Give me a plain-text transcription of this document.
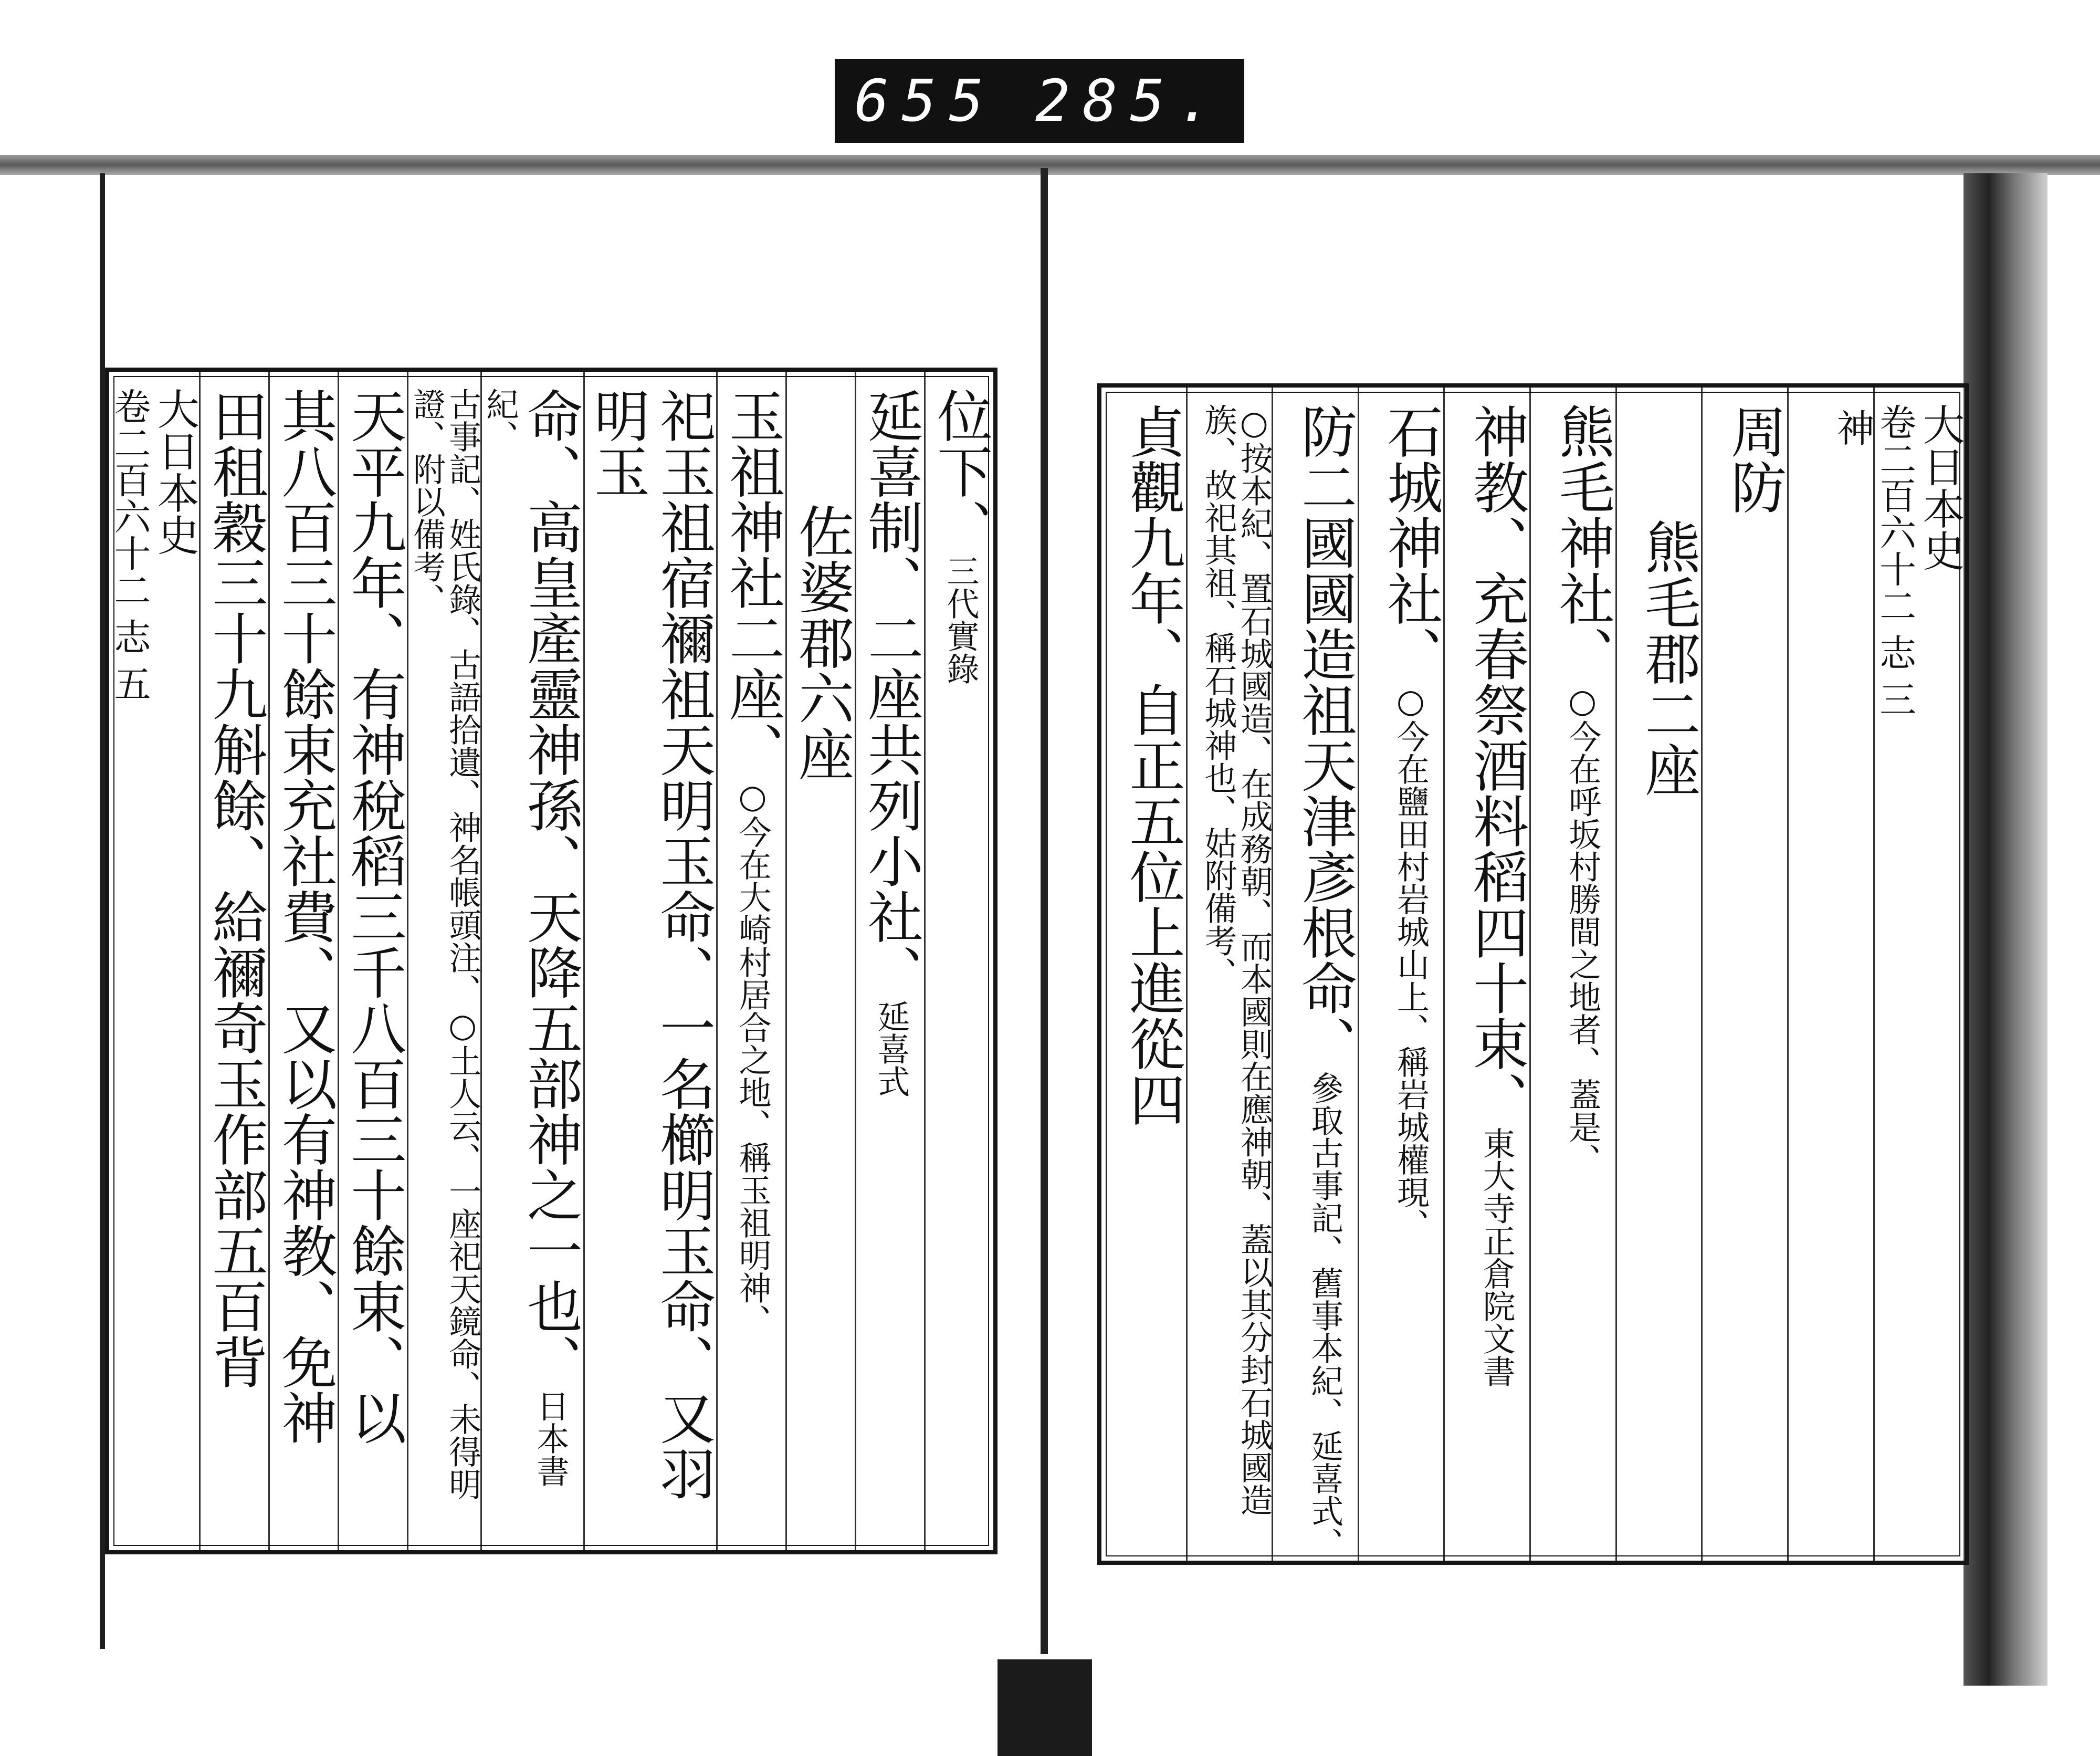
655 285.
大日本史
卷二百六十二 志 三
神
周防
熊毛郡二座
熊毛神社、○今在呼坂村勝間之地者、蓋是、
神教、充春祭酒料稻四十束、東大寺正倉院文書
石城神社、○今在鹽田村岩城山上、稱岩城權現、
防二國國造祖天津彥根命、參取古事記、舊事本紀、延喜式、
○按本紀、置石城國造、在成務朝、而本國則在應神朝、蓋以其分封石城國造族、故祀其祖、稱石城神也、姑附備考、
貞觀九年、自正五位上進從四
位下、三代實錄
延喜制、二座共列小社、延喜式
佐婆郡六座
玉祖神社二座、○今在大崎村居合之地、稱玉祖明神、
祀玉祖宿禰祖天明玉命、一名櫛明玉命、又羽明玉
命、高皇產靈神孫、天降五部神之一也、日本書紀、
古事記、姓氏錄、古語拾遺、神名帳頭注、○土人云、一座祀天鏡命、未得明證、附以備考、
天平九年、有神稅稻三千八百三十餘束、以
其八百三十餘束充社費、又以有神教、免神
田租穀三十九斛餘、給禰奇玉作部五百背
大日本史
卷二百六十二 志 五
